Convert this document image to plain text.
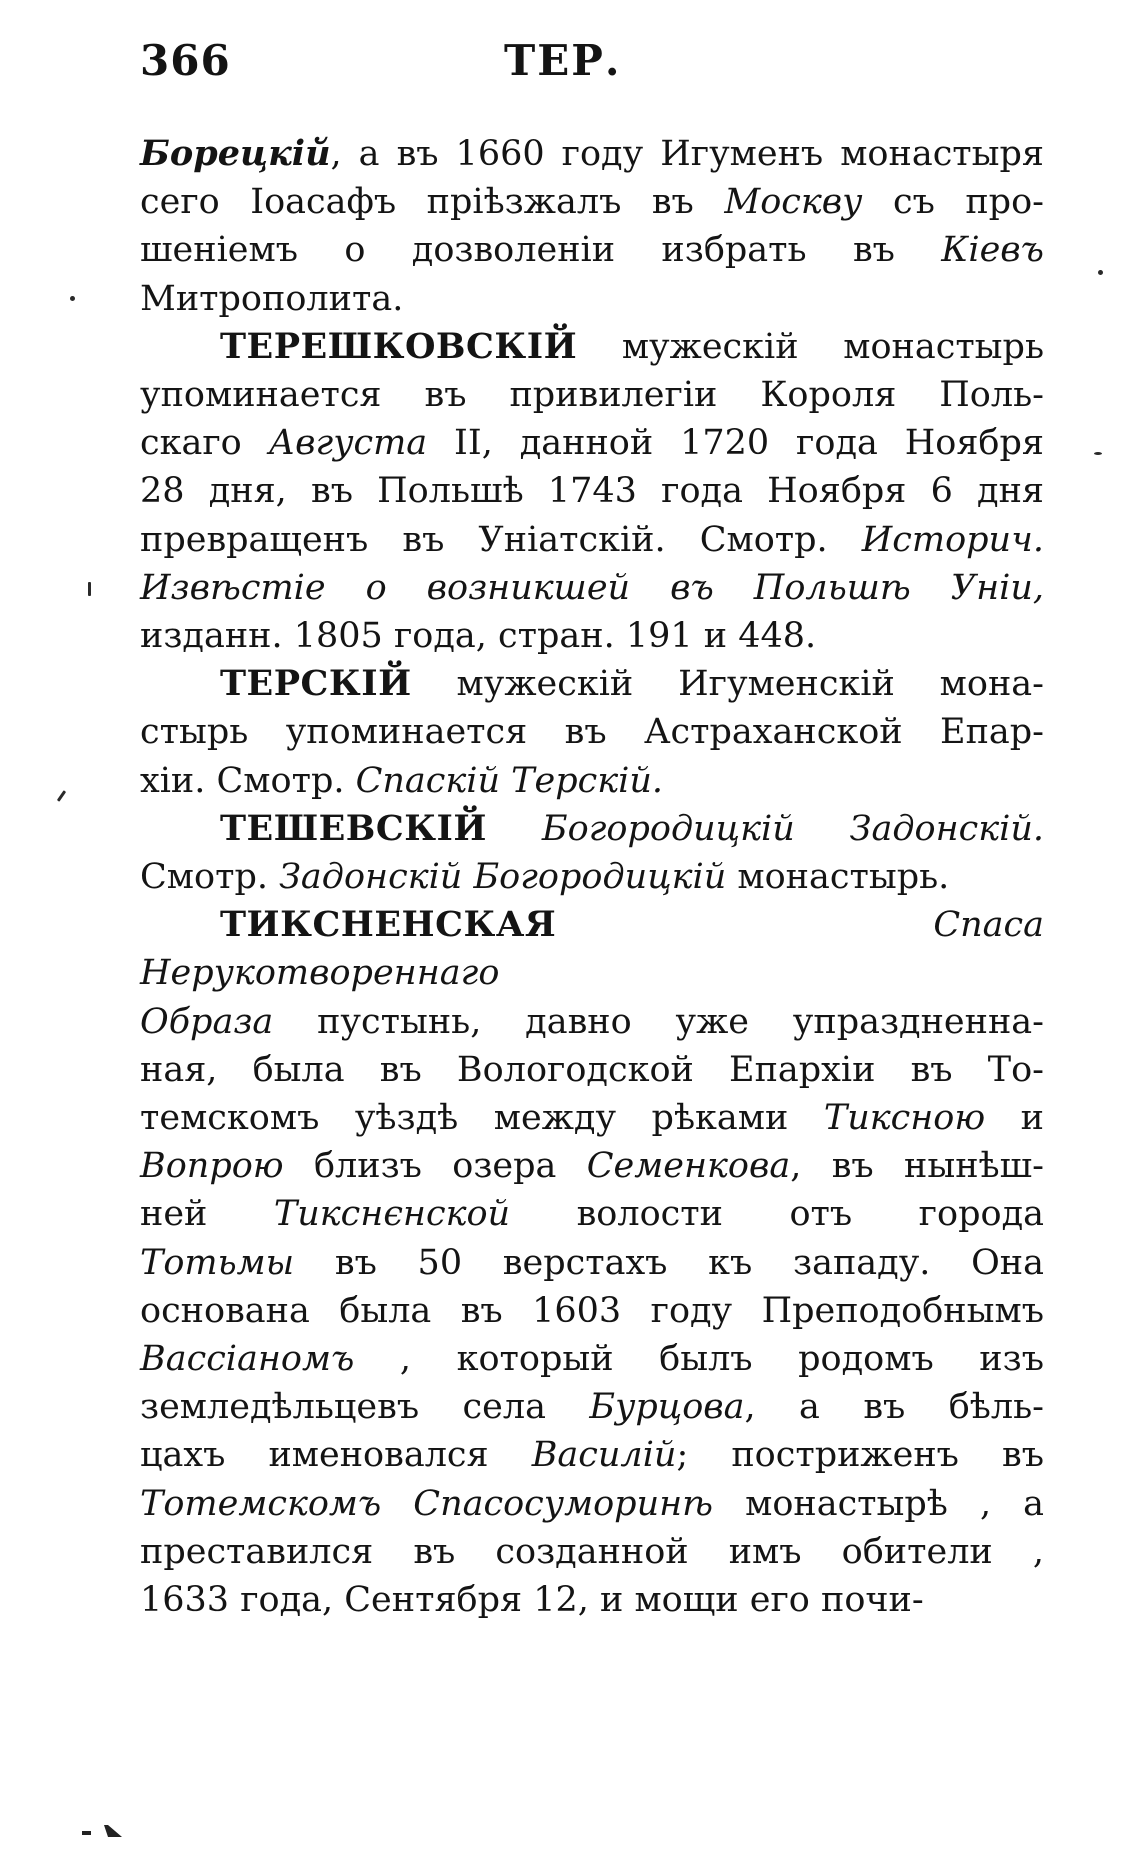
366	ТЕР.

Борецкій, а въ 1660 году Игуменъ монастыря

сего Іоасафъ пріѣзжалъ въ Москву съ про-

шеніемъ о дозволеніи избрать въ Кіевъ

Митрополита.

ТЕРЕШКОВСКІЙ мужескій монастырь

упоминается въ привилегіи Короля Поль-

скаго Августа II, данной 1720 года Ноября

28 дня, въ Польшѣ 1743 года Ноября 6 дня

превращенъ въ Уніатскій. Смотр. Историч.

Извѣстіе о возникшей въ Польшѣ Уніи,

изданн. 1805 года, стран. 191 и 448.

ТЕРСКІЙ мужескій Игуменскій мона-

стырь упоминается въ Астраханской Епар-

хіи. Смотр. Спаскій Терскій.

ТЕШЕВСКІЙ Богородицкій Задонскій.

Смотр. Задонскій Богородицкій монастырь.

ТИКСНЕНСКАЯ	Спаса Нерукотвореннаго

Образа пустынь, давно уже упраздненна-

ная, была въ Вологодской Епархіи въ То-

темскомъ уѣздѣ между рѣками Тиксною и

Вопрою близъ озера Семенкова, въ нынѣш-

ней Тикснєнской волости отъ города

Тотьмы въ 50 верстахъ къ западу. Она

основана была въ 1603 году Преподобнымъ

Вассіаномъ , который былъ родомъ изъ

земледѣльцевъ села Бурцова, а въ бѣль-

цахъ именовался Василій; постриженъ въ

Тотемскомъ Спасосуморинѣ монастырѣ , а

преставился въ созданной имъ обители ,

1633 года, Сентября 12, и мощи его почи-
